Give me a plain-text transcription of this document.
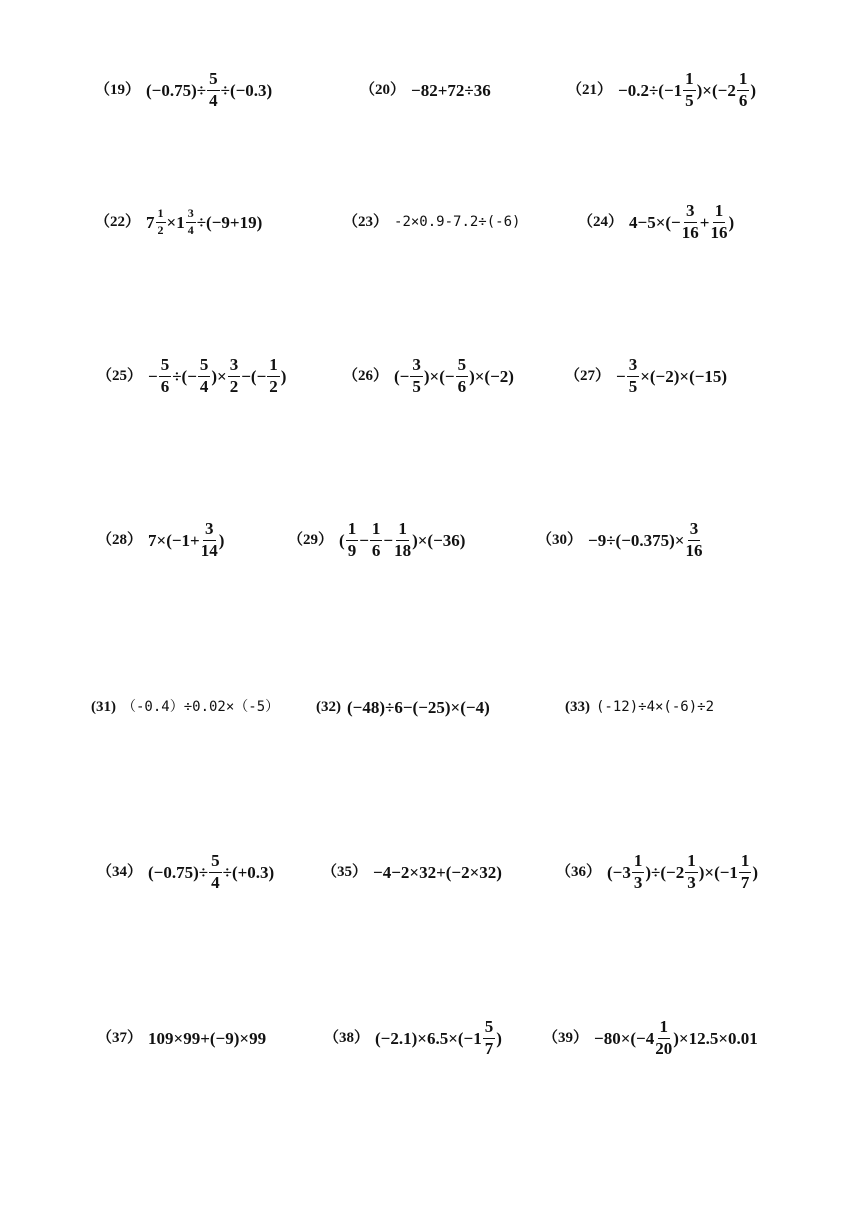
（19） $(-0.75)\div \frac{5}{4} \div(-0.3)$	（20） −82+72÷36	$(21) -0.2\div(-1 \frac{1}{5} )\times(-2 \frac{1}{6}$ )
（22） $7 \frac{1}{2} \times 1 \frac{3}{4} \div(-9+19)$	（23） -2×0.9-7.2÷(-6)	（24） $4-5\times(- \frac{3}{16} + \frac{1}{16}$ )
$(25) - \frac{5}{6}$ ÷(− $\frac{5}{4}$ )× $\frac{3}{2}$ −(− $\frac{1}{2}$ )	（26） (− $\frac{3}{5}$ )×(− $\frac{5}{6} )\times(-2)$	$(27) - \frac{3}{5} \times(-2)\times(-15)$
（28） $7\times(-1+ \frac{3}{14}$ )	（29） ( $\frac{1}{9} - \frac{1}{6} - \frac{1}{18} )\times(-36)$	$(30) -9\div(-0.375)\times \frac{3}{16}$
(31) （-0.4）÷0.02×（-5） (32) (−48)÷6−(−25)×(−4)	(33) (-12)÷4×(-6)÷2
（34） $(-0.75)\div \frac{5}{4} \div(+0.3)$	（35） −4−2×32+(−2×32)	（36） $(-3 \frac{1}{3} )\div(-2 \frac{1}{3} )\times(-1 \frac{1}{7}$ )
（37） 109×99+(−9)×99	（38） $(-2.1)\times 6.5\times(-1 \frac{5}{7}$ )	$(39) -80\times(-4 \frac{1}{20} )\times 12.5\times 0.01$
